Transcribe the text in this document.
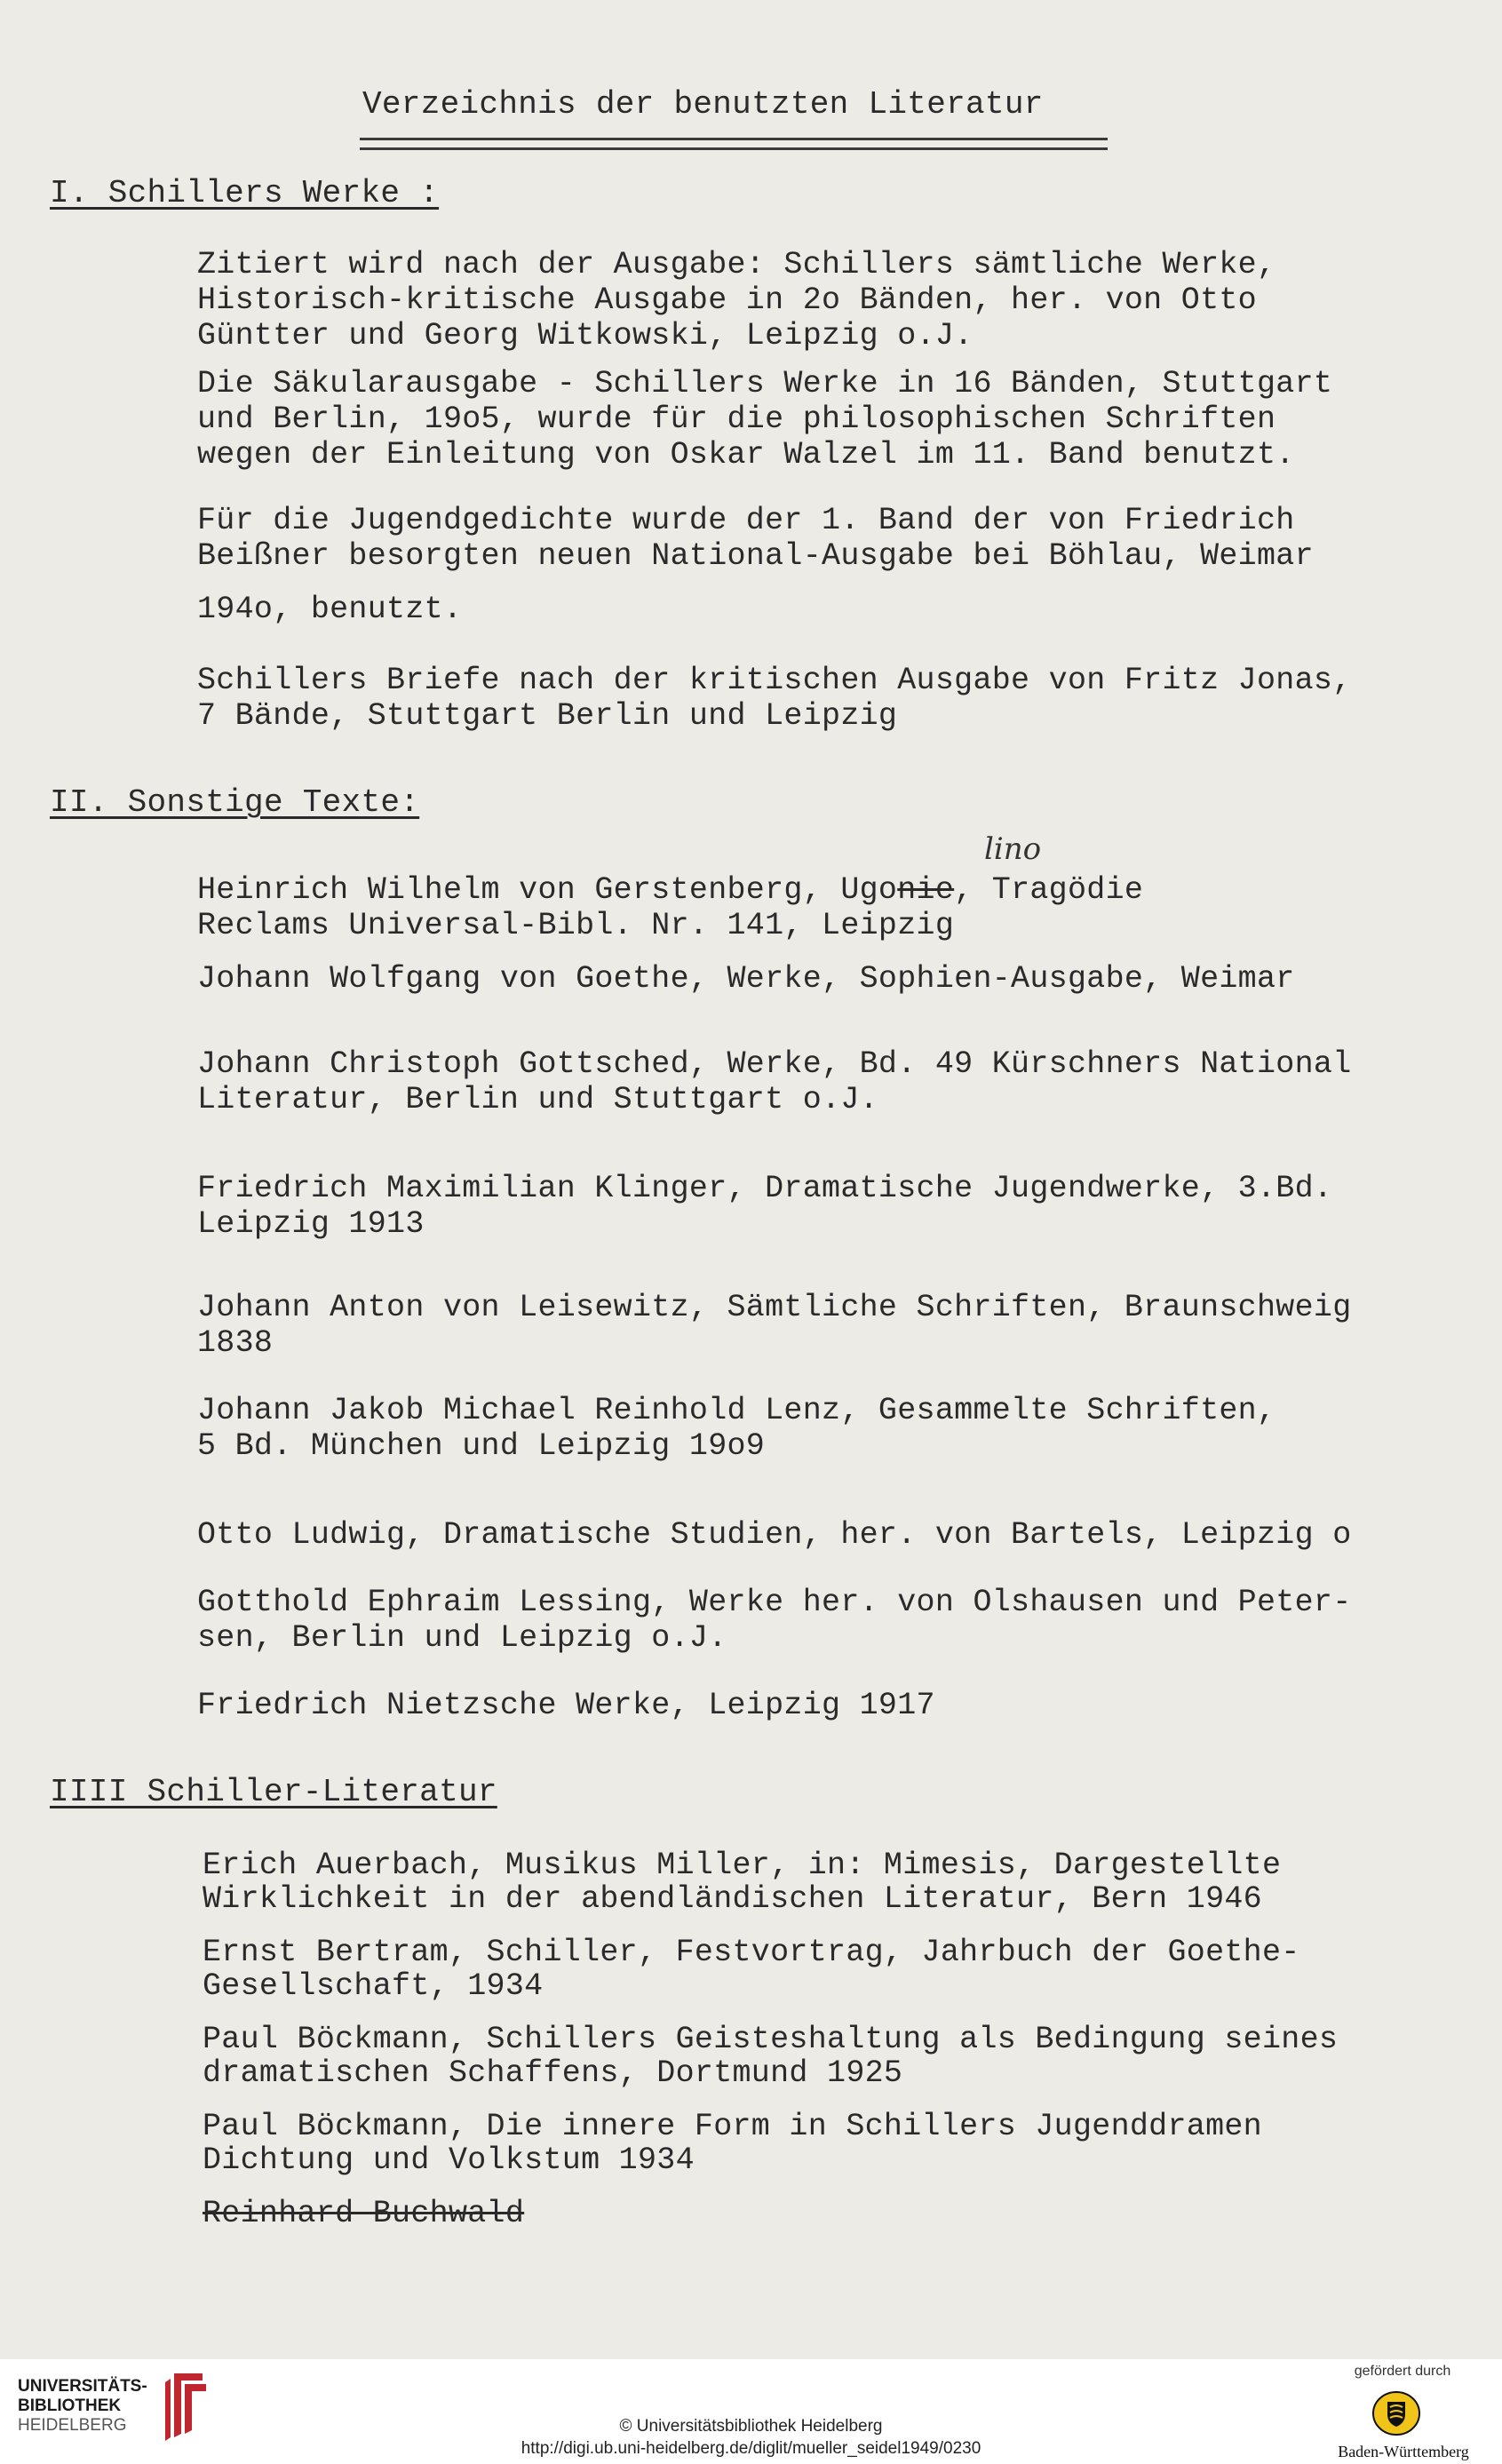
Verzeichnis der benutzten Literatur
I. Schillers Werke :
Zitiert wird nach der Ausgabe: Schillers sämtliche Werke,
Historisch-kritische Ausgabe in 2o Bänden, her. von Otto
Güntter und Georg Witkowski, Leipzig o.J.
Die Säkularausgabe - Schillers Werke in 16 Bänden, Stuttgart
und Berlin, 19o5, wurde für die philosophischen Schriften
wegen der Einleitung von Oskar Walzel im 11. Band benutzt.
Für die Jugendgedichte wurde der 1. Band der von Friedrich
Beißner besorgten neuen National-Ausgabe bei Böhlau, Weimar
194o, benutzt.
Schillers Briefe nach der kritischen Ausgabe von Fritz Jonas,
7 Bände, Stuttgart Berlin und Leipzig
II. Sonstige Texte:
Heinrich Wilhelm von Gerstenberg, Ugonie, Tragödie
lino
Reclams Universal-Bibl. Nr. 141, Leipzig
Johann Wolfgang von Goethe, Werke, Sophien-Ausgabe, Weimar
Johann Christoph Gottsched, Werke, Bd. 49 Kürschners National
Literatur, Berlin und Stuttgart o.J.
Friedrich Maximilian Klinger, Dramatische Jugendwerke, 3.Bd.
Leipzig 1913
Johann Anton von Leisewitz, Sämtliche Schriften, Braunschweig
1838
Johann Jakob Michael Reinhold Lenz, Gesammelte Schriften,
5 Bd. München und Leipzig 19o9
Otto Ludwig, Dramatische Studien, her. von Bartels, Leipzig o
Gotthold Ephraim Lessing, Werke her. von Olshausen und Peter-
sen, Berlin und Leipzig o.J.
Friedrich Nietzsche Werke, Leipzig 1917
IIII Schiller-Literatur
Erich Auerbach, Musikus Miller, in: Mimesis, Dargestellte
Wirklichkeit in der abendländischen Literatur, Bern 1946
Ernst Bertram, Schiller, Festvortrag, Jahrbuch der Goethe-
Gesellschaft, 1934
Paul Böckmann, Schillers Geisteshaltung als Bedingung seines
dramatischen Schaffens, Dortmund 1925
Paul Böckmann, Die innere Form in Schillers Jugenddramen
Dichtung und Volkstum 1934
Reinhard-Buchwald
UNIVERSITÄTS-
BIBLIOTHEK
HEIDELBERG	© Universitätsbibliothek Heidelberg
http://digi.ub.uni-heidelberg.de/diglit/mueller_seidel1949/0230
gefördert durch
Baden-Württemberg
